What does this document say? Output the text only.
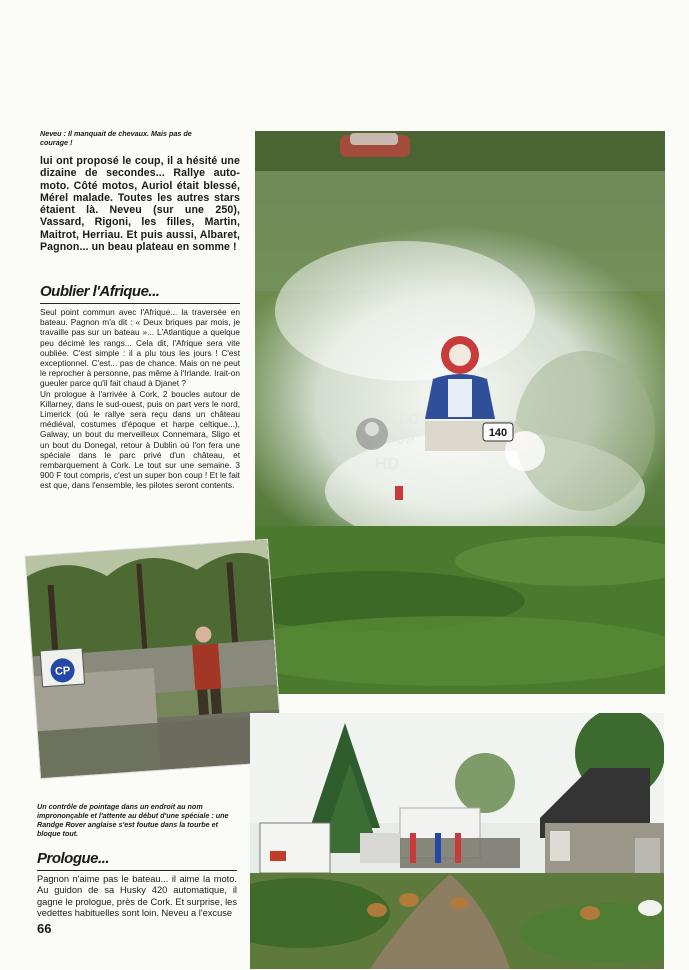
Neveu : Il manquait de chevaux. Mais pas de courage !
lui ont proposé le coup, il a hésité une dizaine de secondes... Rallye auto-moto. Côté motos, Auriol était blessé, Mérel malade. Toutes les autres stars étaient là. Neveu (sur une 250), Vassard, Rigoni, les filles, Martin, Maitrot, Herriau. Et puis aussi, Albaret, Pagnon... un beau plateau en somme !
Oublier l'Afrique...

Seul point commun avec l'Afrique... la traversée en bateau. Pagnon m'a dit : « Deux briques par mois, je travaille pas sur un bateau »... L'Atlantique a quelque peu décimé les rangs... Cela dit, l'Afrique sera vite oubliée. C'est simple : il a plu tous les jours ! C'est exceptionnel. C'est... pas de chance. Mais on ne peut le reprocher à personne, pas même à l'Irlande. Irait-on gueuler parce qu'il fait chaud à Djanet ?

Un prologue à l'arrivée à Cork, 2 boucles autour de Killarney, dans le sud-ouest, puis on part vers le nord, Limerick (où le rallye sera reçu dans un château médiéval, costumes d'époque et harpe celtique...), Galway, un bout du merveilleux Connemara, Sligo et un bout du Donegal, retour à Dublin où l'on fera une spéciale dans le parc privé d'un château, et rembarquement à Cork. Le tout sur une semaine. 3 900 F tout compris, c'est un super bon coup ! Et le fait est que, dans l'ensemble, les pilotes seront contents.

140
LO
JP
HD
CP
Un contrôle de pointage dans un endroit au nom imprononçable et l'attente au début d'une spéciale : une Randge Rover anglaise s'est foutue dans la tourbe et bloque tout.
Prologue...
Pagnon n'aime pas le bateau... il aime la moto. Au guidon de sa Husky 420 automatique, il gagne le prologue, près de Cork. Et surprise, les vedettes habituelles sont loin. Neveu a l'excuse
66
